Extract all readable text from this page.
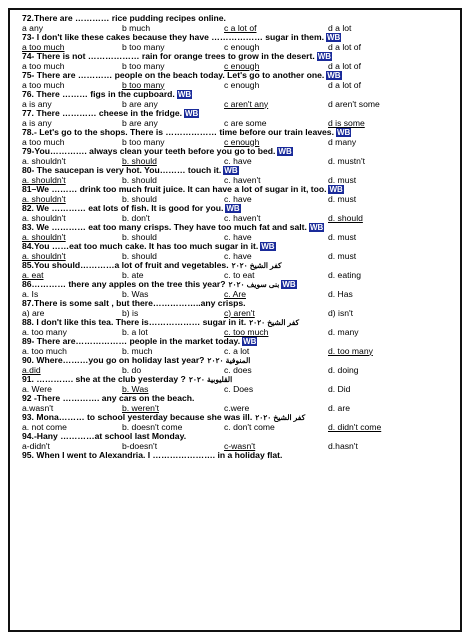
72.There are ………… rice pudding recipes online.
a any	b much	c a lot of	d a lot
73- I don't like these cakes because they have ……………… sugar in them. WB
a too much	b too many	c enough	d a lot of
74- There is not ……………… rain for orange trees to grow in the desert. WB
a too much	b too many	c enough	d a lot of
75- There are ………… people on the beach today. Let's go to another one. WB
a too much	b too many	c enough	d a lot of
76. There ……… figs in the cupboard. WB
a is any	b are any	c aren't any	d aren't some
77. There ………… cheese in the fridge. WB
a is any	b are any	c are some	d is some
78.- Let's go to the shops. There is ……………… time before our train leaves. WB
a too much	b too many	c enough	d many
79-You…………. always clean your teeth before you go to bed. WB
a. shouldn't	b. should	c. have	d. mustn't
80- The saucepan is very hot. You……… touch it. WB
a. shouldn't	b. should	c. haven't	d. must
81–We ……… drink too much fruit juice. It can have a lot of sugar in it, too. WB
a. shouldn't	b. should	c. have	d. must
82. We ………… eat lots of fish. It is good for you. WB
a. shouldn't	b. don't	c. haven't	d. should
83. We ………… eat too many crisps. They have too much fat and salt. WB
a. shouldn't	b. should	c. have	d. must
84.You ……eat too much cake. It has too much sugar in it. WB
a. shouldn't	b. should	c. have	d. must
85.You should…………a lot of fruit and vegetables. كفر الشيخ ٢٠٢٠
a. eat	b. ate	c. to eat	d. eating
86………… there any apples on the tree this year? بنى سويف ٢٠٢٠ WB
a. Is	b. Was	c. Are	d. Has
87.There is some salt , but there……………..any crisps.
a) are	b) is	c) aren't	d) isn't
88. I don't like this tea. There is……………… sugar in it. كفر الشيخ ٢٠٢٠
a. too many	b. a lot	c. too much	d. many
89- There are……………… people in the market today. WB
a. too much	b. much	c. a lot	d. too many
90. Where………you go on holiday last year? المنوفية ٢٠٢٠
a.did	b. do	c. does	d. doing
91. …………. she at the club yesterday ? القليوبية ٢٠٢٠
a. Were	b. Was	c. Does	d. Did
92 -There …………. any cars on the beach.
a.wasn't	b. weren't	c.were	d. are
93. Mona……… to school yesterday because she was ill. كفر الشيخ ٢٠٢٠
a. not come	b. doesn't come	c. don't come	d. didn't come
94.-Hany …………at school last Monday.
a-didn't	b-doesn't	c-wasn't	d.hasn't
95. When I went to Alexandria. I …………………. in a holiday flat.
